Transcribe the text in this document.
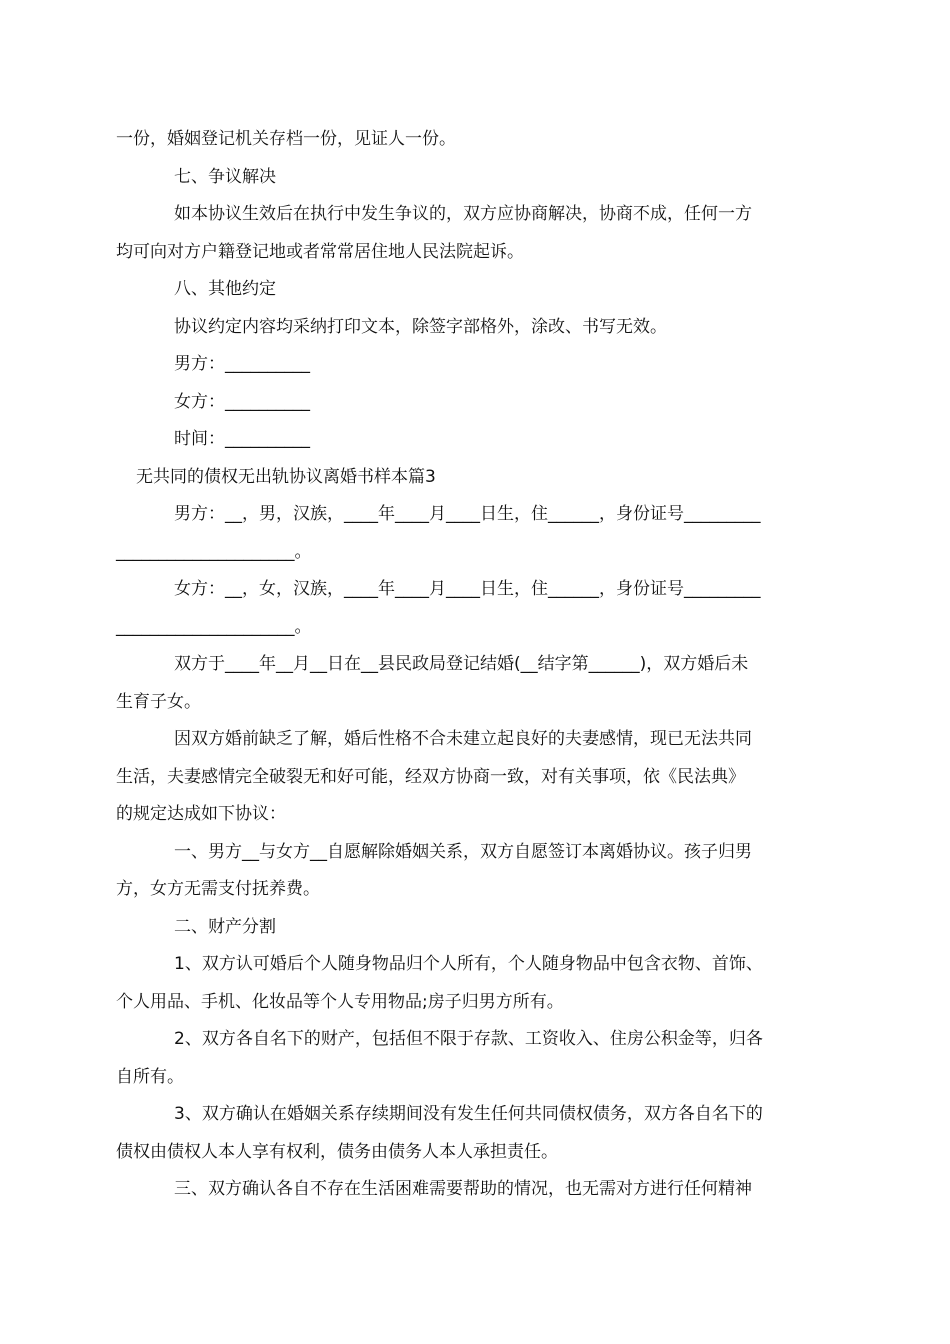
一份，婚姻登记机关存档一份，见证人一份。
七、争议解决
如本协议生效后在执行中发生争议的，双方应协商解决，协商不成，任何一方
均可向对方户籍登记地或者常常居住地人民法院起诉。
八、其他约定
协议约定内容均采纳打印文本，除签字部格外，涂改、书写无效。
男方：__________
女方：__________
时间：__________
无共同的债权无出轨协议离婚书样本篇3
男方：__，男，汉族，____年____月____日生，住______，身份证号_________
_____________________。
女方：__，女，汉族，____年____月____日生，住______，身份证号_________
_____________________。
双方于____年__月__日在__县民政局登记结婚(__结字第______)，双方婚后未
生育子女。
因双方婚前缺乏了解，婚后性格不合未建立起良好的夫妻感情，现已无法共同
生活，夫妻感情完全破裂无和好可能，经双方协商一致，对有关事项，依《民法典》
的规定达成如下协议：
一、男方__与女方__自愿解除婚姻关系，双方自愿签订本离婚协议。孩子归男
方，女方无需支付抚养费。
二、财产分割
1、双方认可婚后个人随身物品归个人所有，个人随身物品中包含衣物、首饰、
个人用品、手机、化妆品等个人专用物品;房子归男方所有。
2、双方各自名下的财产，包括但不限于存款、工资收入、住房公积金等，归各
自所有。
3、双方确认在婚姻关系存续期间没有发生任何共同债权债务，双方各自名下的
债权由债权人本人享有权利，债务由债务人本人承担责任。
三、双方确认各自不存在生活困难需要帮助的情况，也无需对方进行任何精神
